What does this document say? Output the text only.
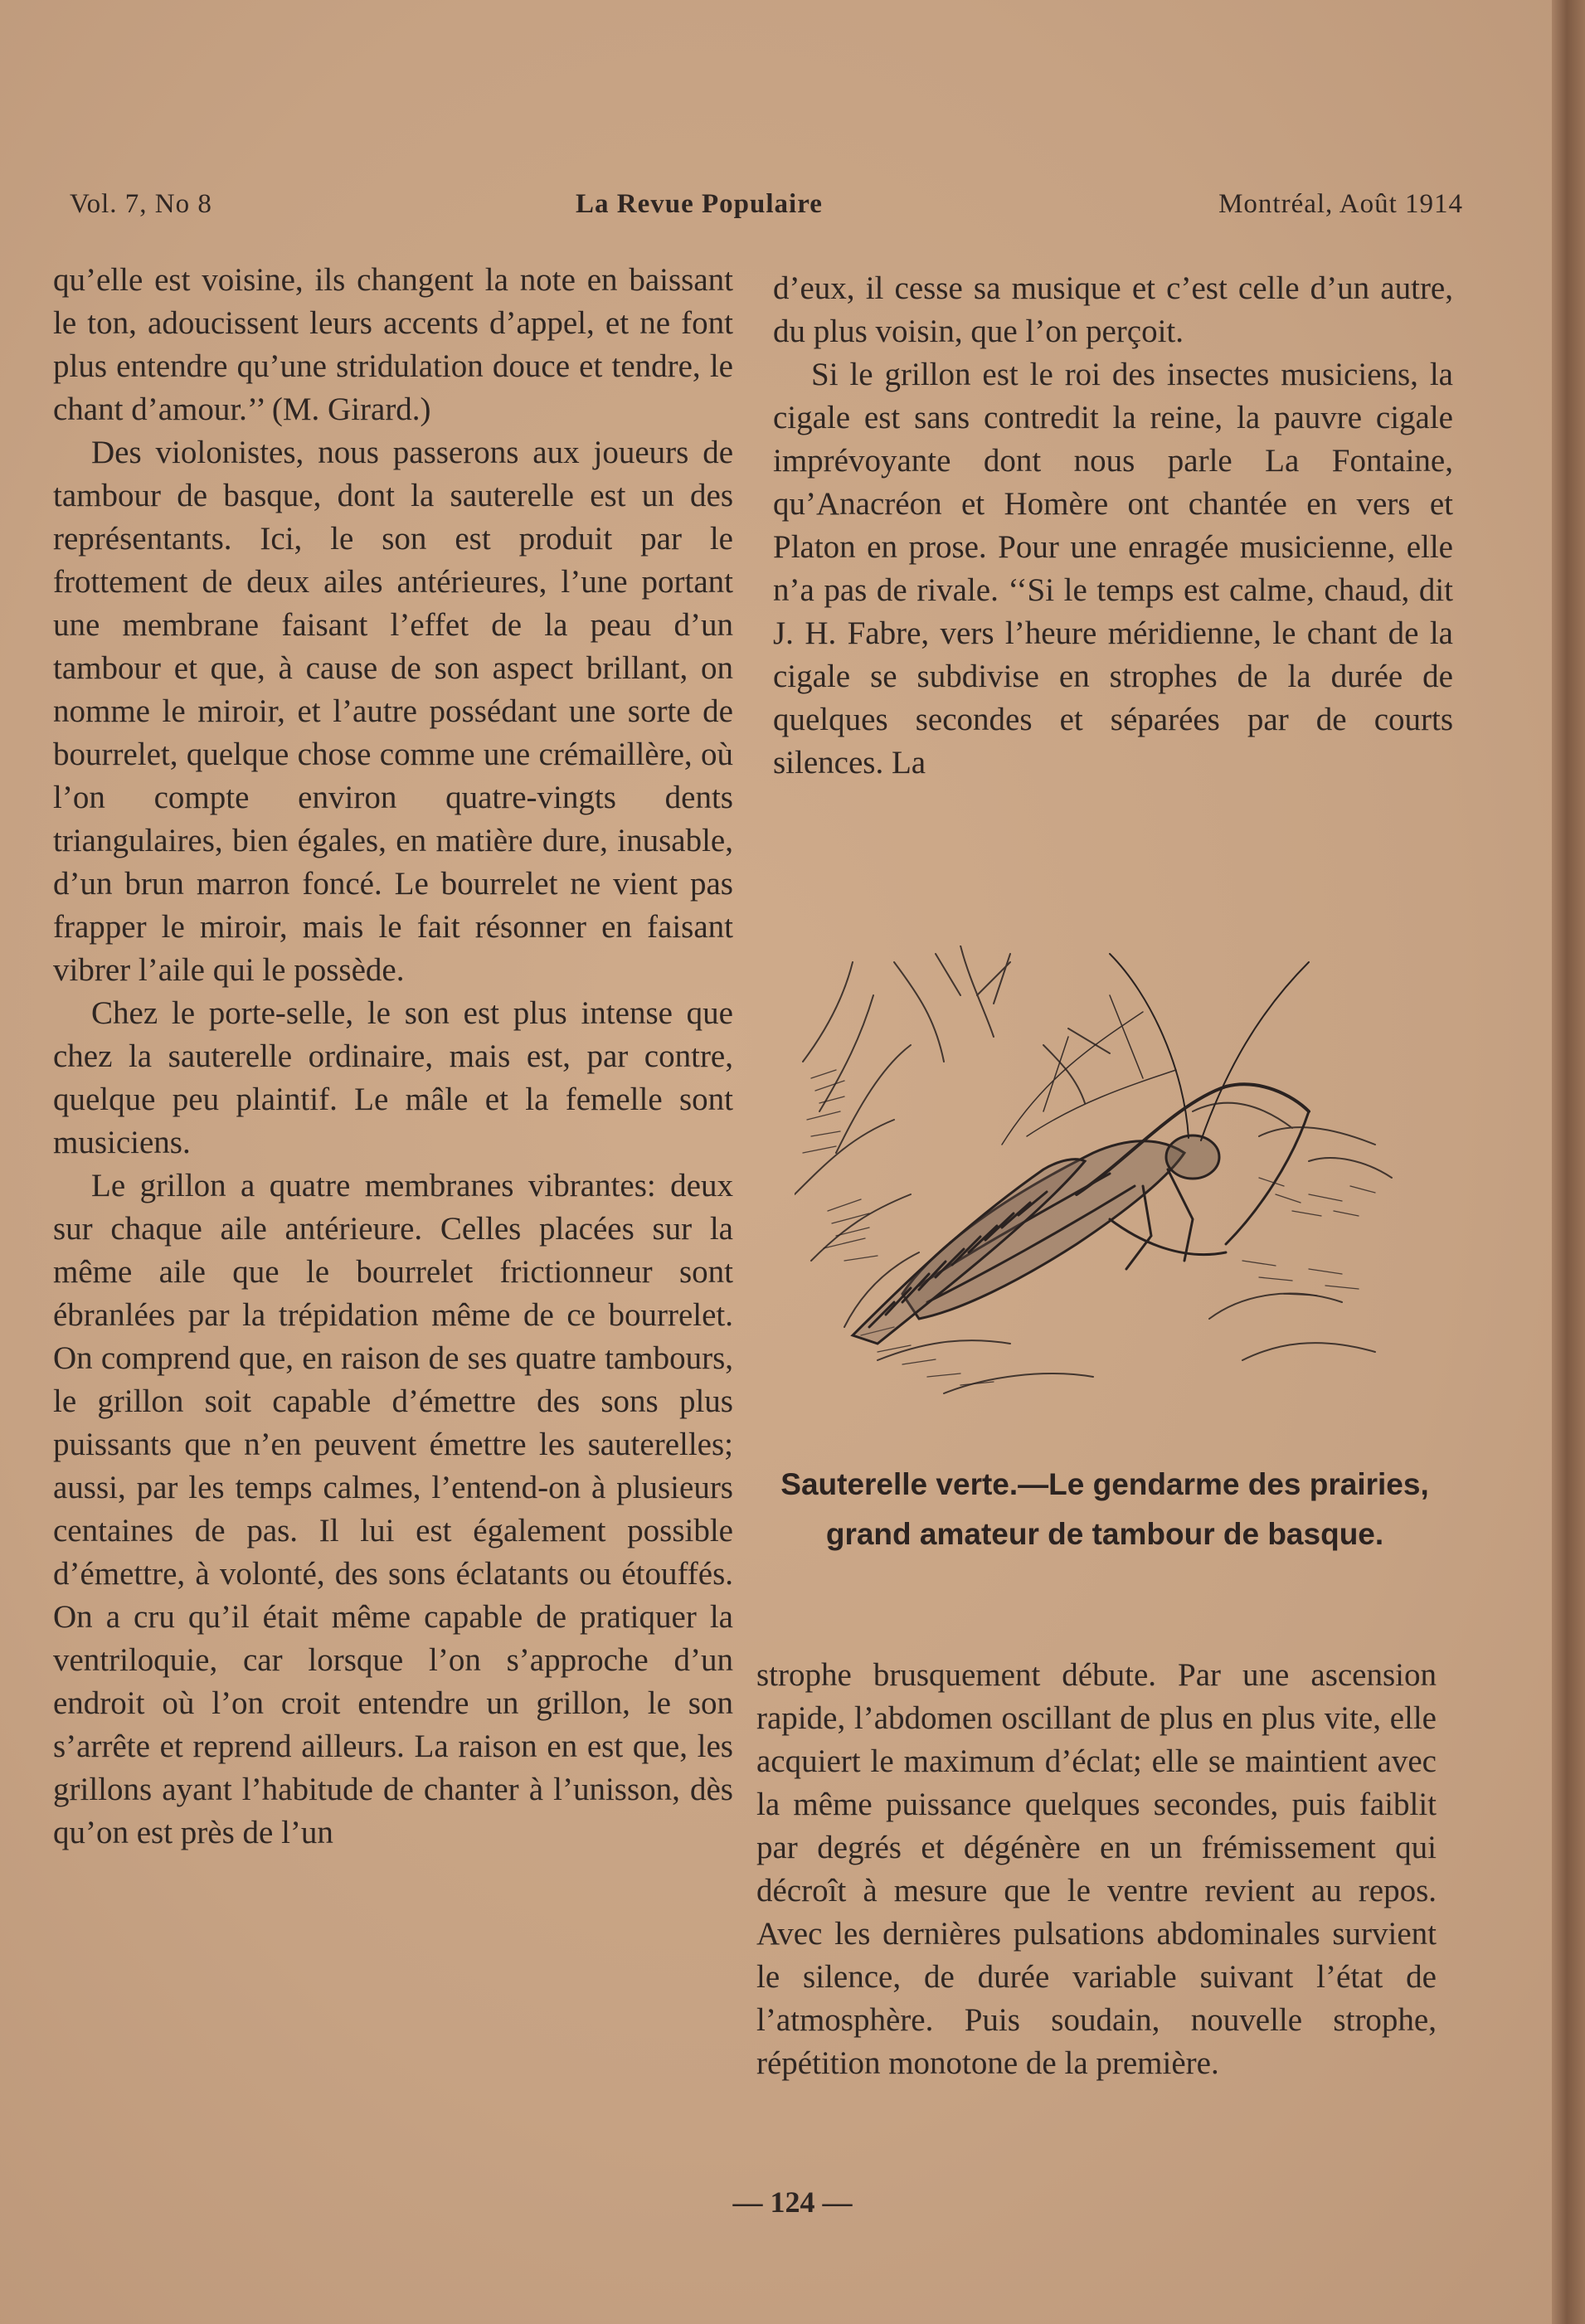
Vol. 7, No 8	La Revue Populaire	Montréal, Août 1914

qu’elle est voisine, ils changent la note en baissant le ton, adoucissent leurs accents d’appel, et ne font plus entendre qu’une stridulation douce et tendre, le chant d’amour.’’ (M. Girard.)

Des violonistes, nous passerons aux joueurs de tambour de basque, dont la sauterelle est un des représentants. Ici, le son est produit par le frottement de deux ailes antérieures, l’une portant une membrane faisant l’effet de la peau d’un tambour et que, à cause de son aspect brillant, on nomme le miroir, et l’autre possédant une sorte de bourrelet, quelque chose comme une crémaillère, où l’on compte environ quatre-vingts dents triangulaires, bien égales, en matière dure, inusable, d’un brun marron foncé. Le bourrelet ne vient pas frapper le miroir, mais le fait résonner en faisant vibrer l’aile qui le possède.

Chez le porte-selle, le son est plus intense que chez la sauterelle ordinaire, mais est, par contre, quelque peu plaintif. Le mâle et la femelle sont musiciens.

Le grillon a quatre membranes vibrantes: deux sur chaque aile antérieure. Celles placées sur la même aile que le bourrelet frictionneur sont ébranlées par la trépidation même de ce bourrelet. On comprend que, en raison de ses quatre tambours, le grillon soit capable d’émettre des sons plus puissants que n’en peuvent émettre les sauterelles; aussi, par les temps calmes, l’entend-on à plusieurs centaines de pas. Il lui est également possible d’émettre, à volonté, des sons éclatants ou étouffés. On a cru qu’il était même capable de pratiquer la ventriloquie, car lorsque l’on s’approche d’un endroit où l’on croit entendre un grillon, le son s’arrête et reprend ailleurs. La raison en est que, les grillons ayant l’habitude de chanter à l’unisson, dès qu’on est près de l’un

d’eux, il cesse sa musique et c’est celle d’un autre, du plus voisin, que l’on perçoit.

Si le grillon est le roi des insectes musiciens, la cigale est sans contredit la reine, la pauvre cigale imprévoyante dont nous parle La Fontaine, qu’Anacréon et Homère ont chantée en vers et Platon en prose. Pour une enragée musicienne, elle n’a pas de rivale. ‘‘Si le temps est calme, chaud, dit J. H. Fabre, vers l’heure méridienne, le chant de la cigale se subdivise en strophes de la durée de quelques secondes et séparées par de courts silences. La

Sauterelle verte.—Le gendarme des prairies, grand amateur de tambour de basque.

strophe brusquement débute. Par une ascension rapide, l’abdomen oscillant de plus en plus vite, elle acquiert le maximum d’éclat; elle se maintient avec la même puissance quelques secondes, puis faiblit par degrés et dégénère en un frémissement qui décroît à mesure que le ventre revient au repos. Avec les dernières pulsations abdominales survient le silence, de durée variable suivant l’état de l’atmosphère. Puis soudain, nouvelle strophe, répétition monotone de la première.

— 124 —
